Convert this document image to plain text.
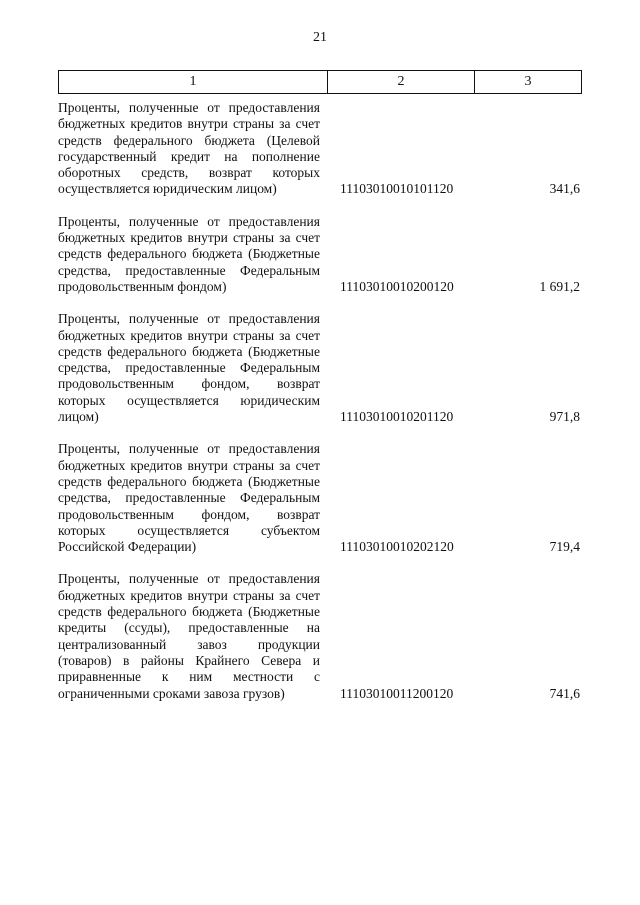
21
1	2	3
Проценты, полученные от предоставления бюджетных кредитов внутри страны за счет средств федерального бюджета (Целевой государственный кредит на пополнение оборотных средств, возврат которых осуществляется юридическим лицом)	11103010010101120	341,6
Проценты, полученные от предоставления бюджетных кредитов внутри страны за счет средств федерального бюджета (Бюджетные средства, предоставленные Федеральным продовольственным фондом)	11103010010200120	1 691,2
Проценты, полученные от предоставления бюджетных кредитов внутри страны за счет средств федерального бюджета (Бюджетные средства, предоставленные Федеральным продовольственным фондом, возврат которых осуществляется юридическим лицом)	11103010010201120	971,8
Проценты, полученные от предоставления бюджетных кредитов внутри страны за счет средств федерального бюджета (Бюджетные средства, предоставленные Федеральным продовольственным фондом, возврат которых осуществляется субъектом Российской Федерации)	11103010010202120	719,4
Проценты, полученные от предоставления бюджетных кредитов внутри страны за счет средств федерального бюджета (Бюджетные кредиты (ссуды), предоставленные на централизованный завоз продукции (товаров) в районы Крайнего Севера и приравненные к ним местности с ограниченными сроками завоза грузов)	11103010011200120	741,6
